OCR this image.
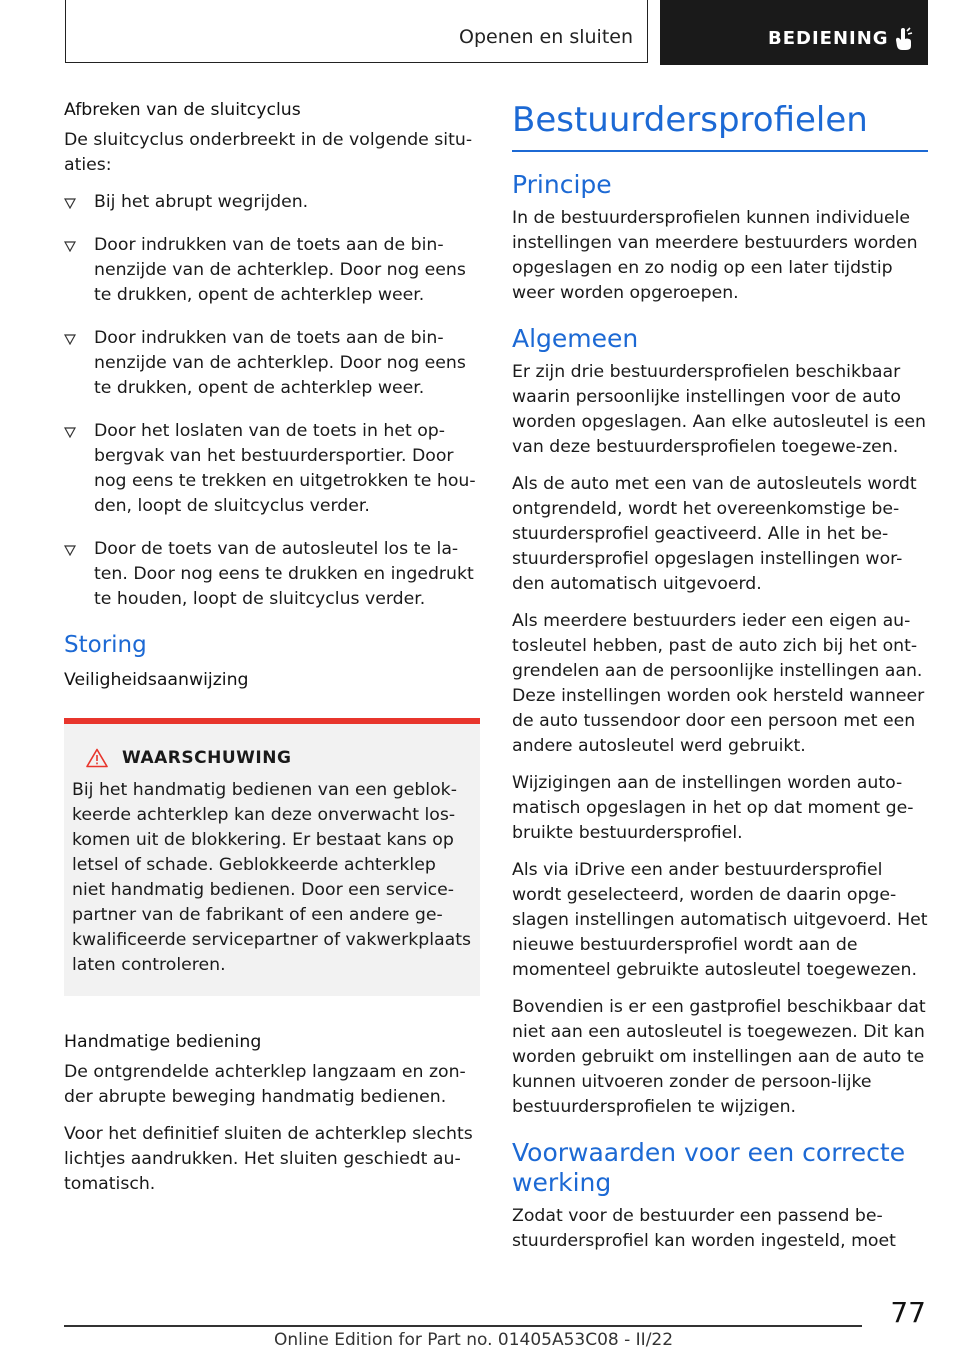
Openen en sluiten	BEDIENING
Afbreken van de sluitcyclus

De sluitcyclus onderbreekt in de volgende situ-aties:

Bij het abrupt wegrijden.
Door indrukken van de toets aan de bin-nenzijde van de achterklep. Door nog eens te drukken, opent de achterklep weer.
Door indrukken van de toets aan de bin-nenzijde van de achterklep. Door nog eens te drukken, opent de achterklep weer.
Door het loslaten van de toets in het op-bergvak van het bestuurdersportier. Door nog eens te trekken en uitgetrokken te hou-den, loopt de sluitcyclus verder.
Door de toets van de autosleutel los te la-ten. Door nog eens te drukken en ingedrukt te houden, loopt de sluitcyclus verder.
Storing
Veiligheidsaanwijzing
WAARSCHUWING

Bij het handmatig bedienen van een geblok-keerde achterklep kan deze onverwacht los-komen uit de blokkering. Er bestaat kans op letsel of schade. Geblokkeerde achterklep niet handmatig bedienen. Door een service-partner van de fabrikant of een andere ge-kwalificeerde servicepartner of vakwerkplaats laten controleren.

Handmatige bediening

De ontgrendelde achterklep langzaam en zon-der abrupte beweging handmatig bedienen.

Voor het definitief sluiten de achterklep slechts lichtjes aandrukken. Het sluiten geschiedt au-tomatisch.

Bestuurdersprofielen
Principe

In de bestuurdersprofielen kunnen individuele instellingen van meerdere bestuurders worden opgeslagen en zo nodig op een later tijdstip weer worden opgeroepen.

Algemeen

Er zijn drie bestuurdersprofielen beschikbaar waarin persoonlijke instellingen voor de auto worden opgeslagen. Aan elke autosleutel is een van deze bestuurdersprofielen toegewe-zen.

Als de auto met een van de autosleutels wordt ontgrendeld, wordt het overeenkomstige be-stuurdersprofiel geactiveerd. Alle in het be-stuurdersprofiel opgeslagen instellingen wor-den automatisch uitgevoerd.

Als meerdere bestuurders ieder een eigen au-tosleutel hebben, past de auto zich bij het ont-grendelen aan de persoonlijke instellingen aan. Deze instellingen worden ook hersteld wanneer de auto tussendoor door een persoon met een andere autosleutel werd gebruikt.

Wijzigingen aan de instellingen worden auto-matisch opgeslagen in het op dat moment ge-bruikte bestuurdersprofiel.

Als via iDrive een ander bestuurdersprofiel wordt geselecteerd, worden de daarin opge-slagen instellingen automatisch uitgevoerd. Het nieuwe bestuurdersprofiel wordt aan de momenteel gebruikte autosleutel toegewezen.

Bovendien is er een gastprofiel beschikbaar dat niet aan een autosleutel is toegewezen. Dit kan worden gebruikt om instellingen aan de auto te kunnen uitvoeren zonder de persoon-lijke bestuurdersprofielen te wijzigen.

Voorwaarden voor een correcte werking

Zodat voor de bestuurder een passend be-stuurdersprofiel kan worden ingesteld, moet

77
Online Edition for Part no. 01405A53C08 - II/22
